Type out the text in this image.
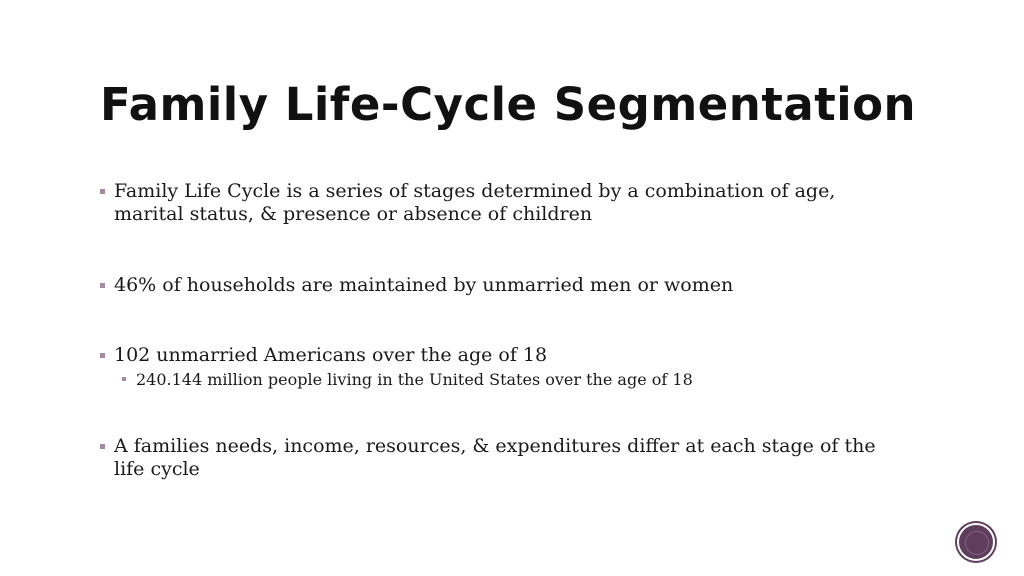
Family Life-Cycle Segmentation
Family Life Cycle is a series of stages determined by a combination of age, marital status, & presence or absence of children
46% of households are maintained by unmarried men or women
102 unmarried Americans over the age of 18
240.144 million people living in the United States over the age of 18
A families needs, income, resources, & expenditures differ at each stage of the life cycle
